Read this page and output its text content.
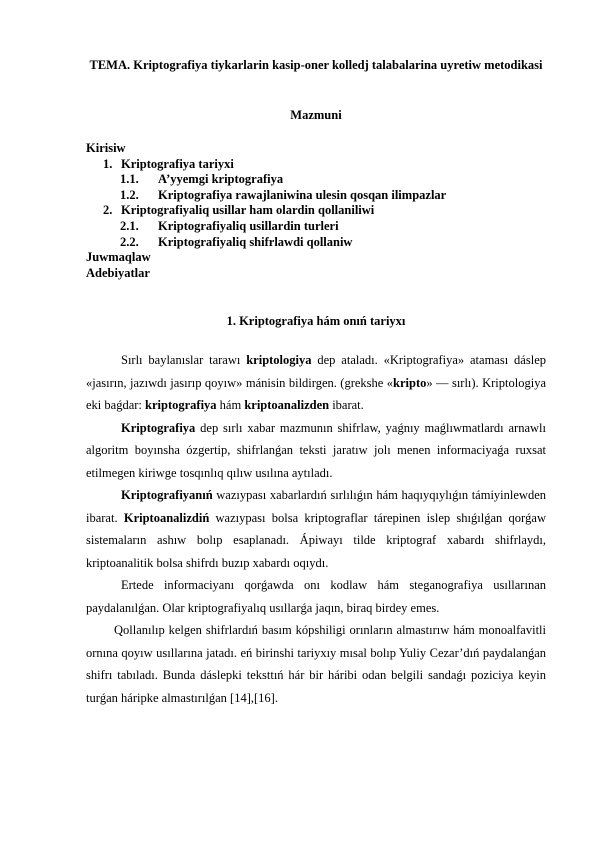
TEMA. Kriptografiya tiykarlarin kasip-oner kolledj talabalarina uyretiw metodikasi
Mazmuni
Kirisiw
1. Kriptografiya tariyxi
1.1. A’yyemgi kriptografiya
1.2. Kriptografiya rawajlaniwina ulesin qosqan ilimpazlar
2. Kriptografiyaliq usillar ham olardin qollaniliwi
2.1. Kriptografiyaliq usillardin turleri
2.2. Kriptografiyaliq shifrlawdi qollaniw
Juwmaqlaw
Adebiyatlar
1. Kriptografiya hám onıń tariyxı

Sırlı baylanıslar tarawı kriptologiya dep ataladı. «Kriptografiya» ataması dáslep «jasırın, jazıwdı jasırıp qoyıw» mánisin bildirgen. (grekshe «kripto» — sırlı). Kriptologiya eki baǵdar: kriptografiya hám kriptoanalizden ibarat.

Kriptografiya dep sırlı xabar mazmunın shifrlaw, yaǵnıy maǵlıwmatlardı arnawlı algoritm boyınsha ózgertip, shifrlanǵan teksti jaratıw jolı menen informaciyaǵa ruxsat etilmegen kiriwge tosqınlıq qılıw usılına aytıladı.

Kriptografiyanıń wazıypası xabarlardıń sırlılıǵın hám haqıyqıylıǵın támiyinlewden ibarat. Kriptoanalizdiń wazıypası bolsa kriptograflar tárepinen islep shıǵılǵan qorǵaw sistemaların ashıw bolıp esaplanadı. Ápiwayı tilde kriptograf xabardı shifrlaydı, kriptoanalitik bolsa shifrdı buzıp xabardı oqıydı.

Ertede informaciyanı qorǵawda onı kodlaw hám steganografiya usıllarınan paydalanılǵan. Olar kriptografiyalıq usıllarǵa jaqın, biraq birdey emes.

Qollanılıp kelgen shifrlardıń basım kópshiligi orınların almastırıw hám monoalfavitli ornına qoyıw usıllarına jatadı. eń birinshi tariyxıy mısal bolıp Yuliy Cezar’dıń paydalanǵan shifrı tabıladı. Bunda dáslepki teksttıń hár bir háribi odan belgili sandaǵı poziciya keyin turǵan háripke almastırılǵan [14],[16].
